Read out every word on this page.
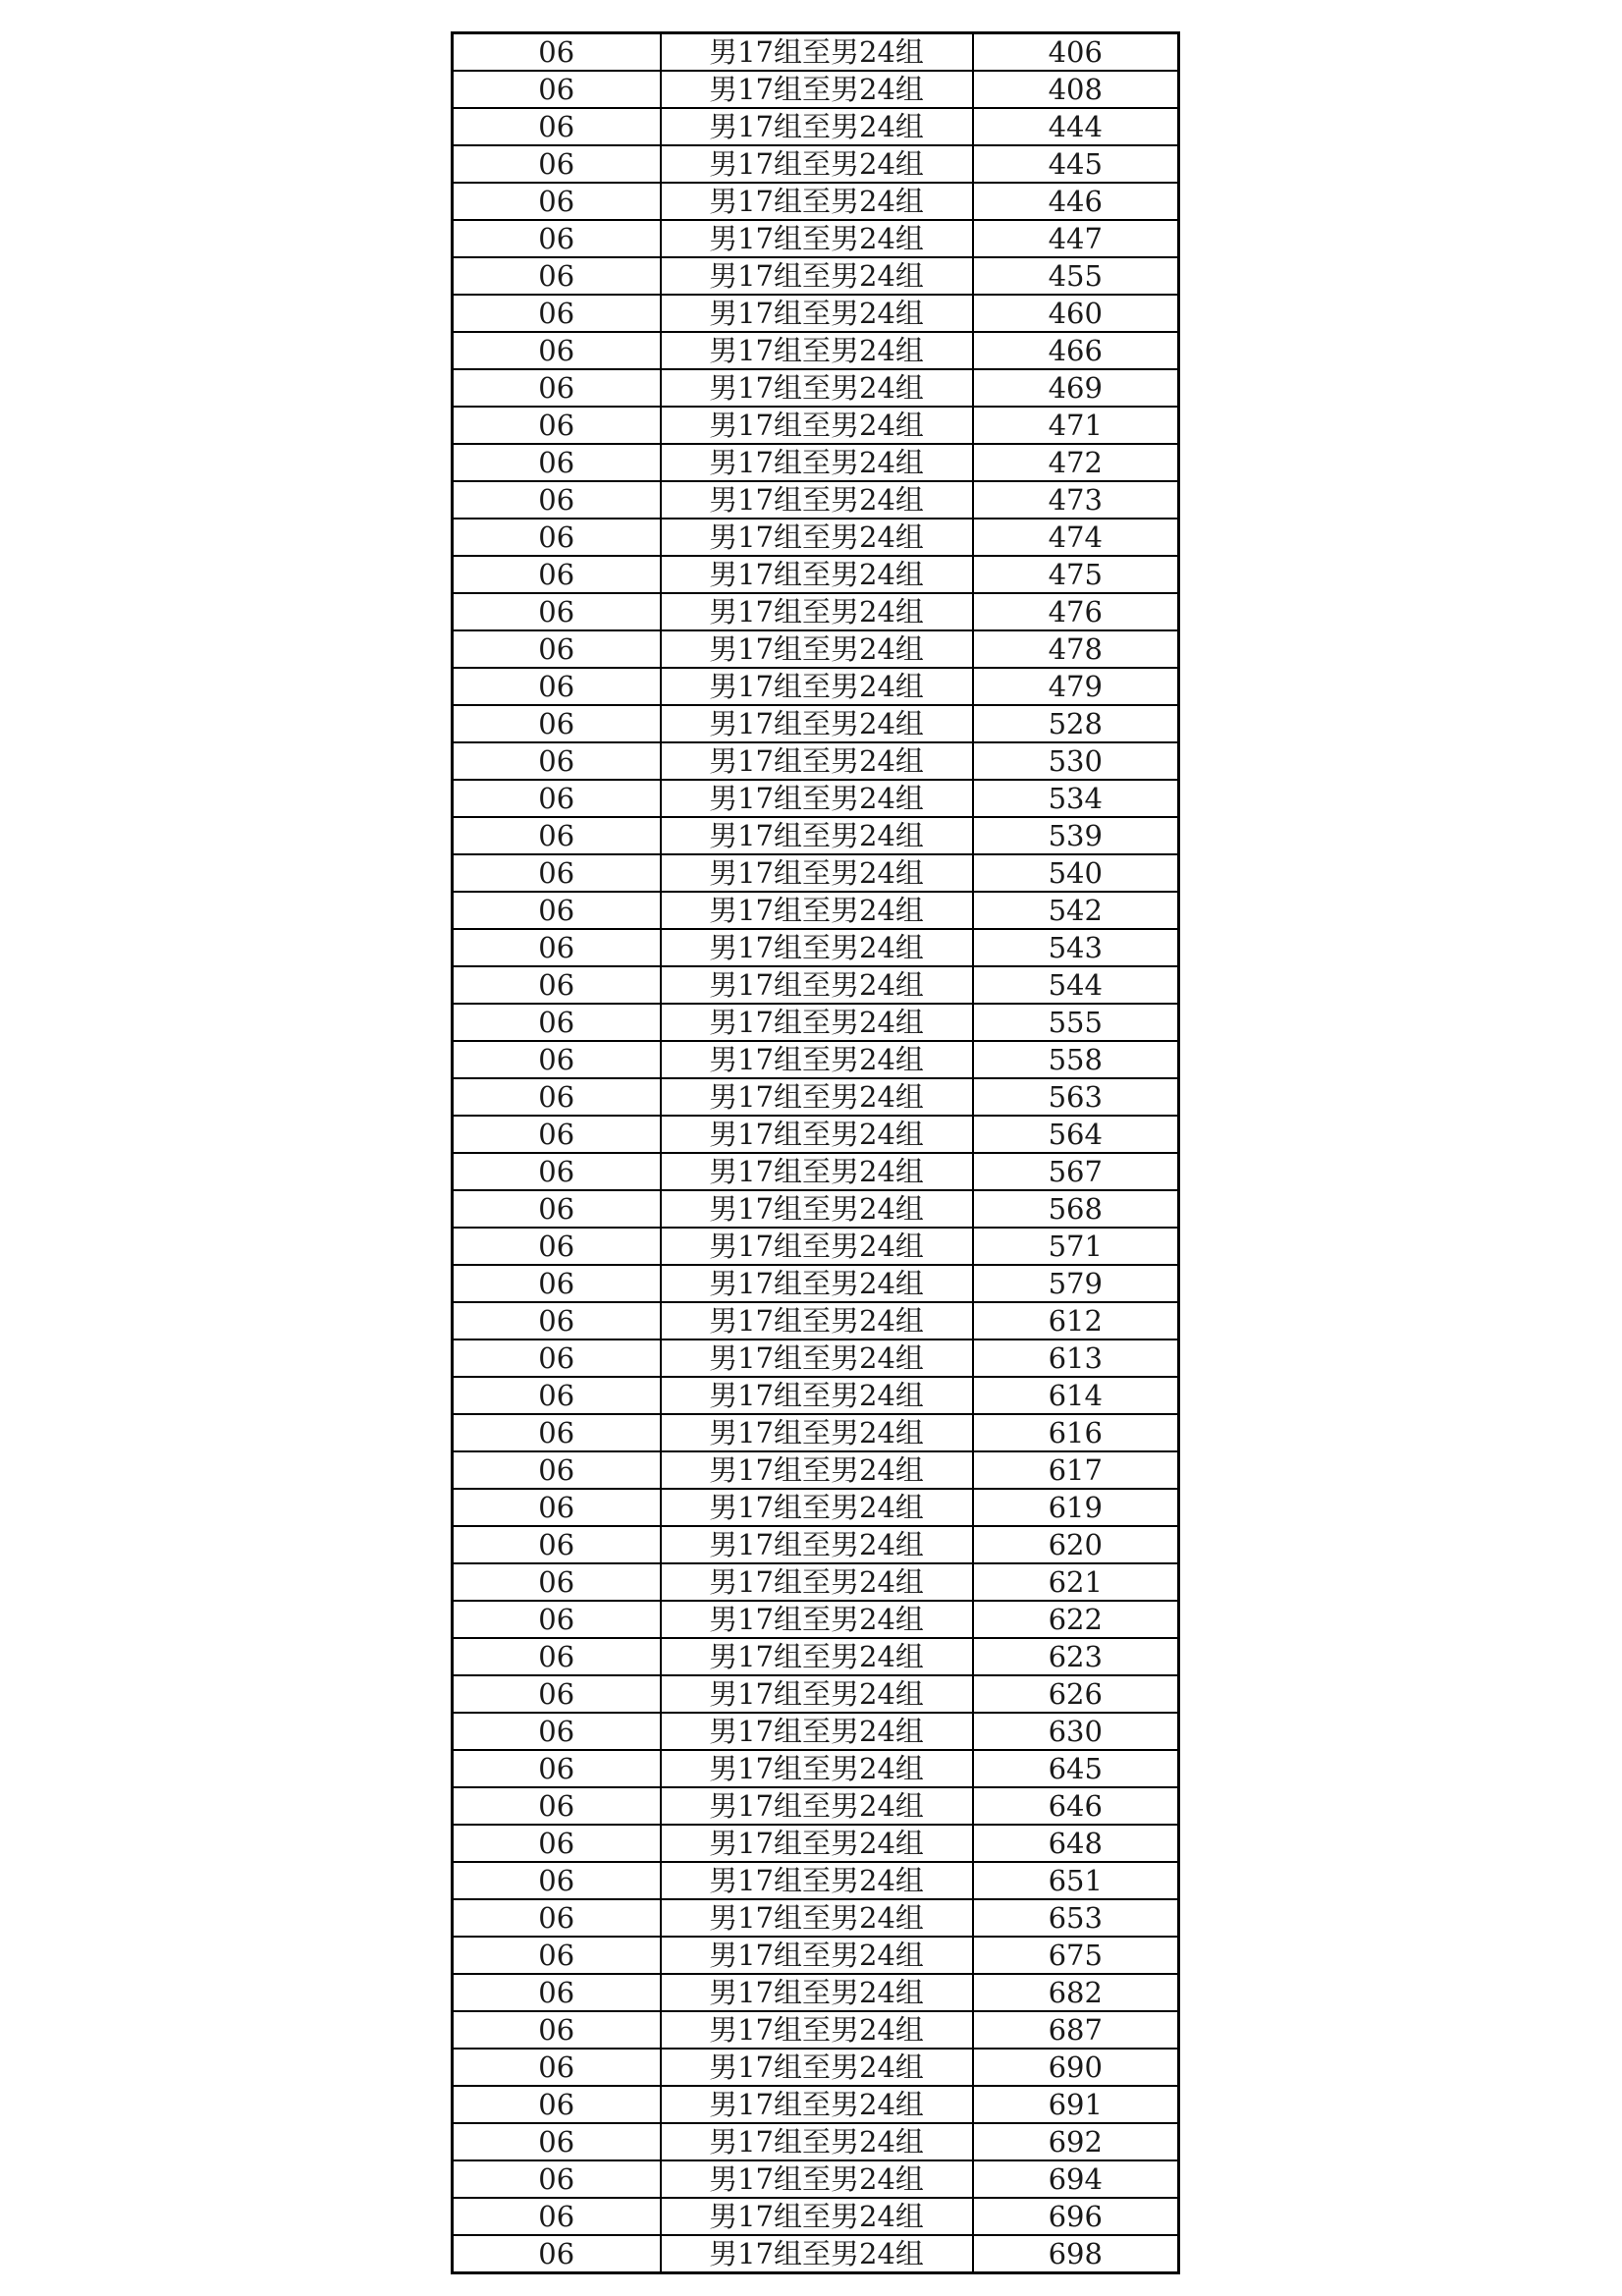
06	男17组至男24组	406
06	男17组至男24组	408
06	男17组至男24组	444
06	男17组至男24组	445
06	男17组至男24组	446
06	男17组至男24组	447
06	男17组至男24组	455
06	男17组至男24组	460
06	男17组至男24组	466
06	男17组至男24组	469
06	男17组至男24组	471
06	男17组至男24组	472
06	男17组至男24组	473
06	男17组至男24组	474
06	男17组至男24组	475
06	男17组至男24组	476
06	男17组至男24组	478
06	男17组至男24组	479
06	男17组至男24组	528
06	男17组至男24组	530
06	男17组至男24组	534
06	男17组至男24组	539
06	男17组至男24组	540
06	男17组至男24组	542
06	男17组至男24组	543
06	男17组至男24组	544
06	男17组至男24组	555
06	男17组至男24组	558
06	男17组至男24组	563
06	男17组至男24组	564
06	男17组至男24组	567
06	男17组至男24组	568
06	男17组至男24组	571
06	男17组至男24组	579
06	男17组至男24组	612
06	男17组至男24组	613
06	男17组至男24组	614
06	男17组至男24组	616
06	男17组至男24组	617
06	男17组至男24组	619
06	男17组至男24组	620
06	男17组至男24组	621
06	男17组至男24组	622
06	男17组至男24组	623
06	男17组至男24组	626
06	男17组至男24组	630
06	男17组至男24组	645
06	男17组至男24组	646
06	男17组至男24组	648
06	男17组至男24组	651
06	男17组至男24组	653
06	男17组至男24组	675
06	男17组至男24组	682
06	男17组至男24组	687
06	男17组至男24组	690
06	男17组至男24组	691
06	男17组至男24组	692
06	男17组至男24组	694
06	男17组至男24组	696
06	男17组至男24组	698
